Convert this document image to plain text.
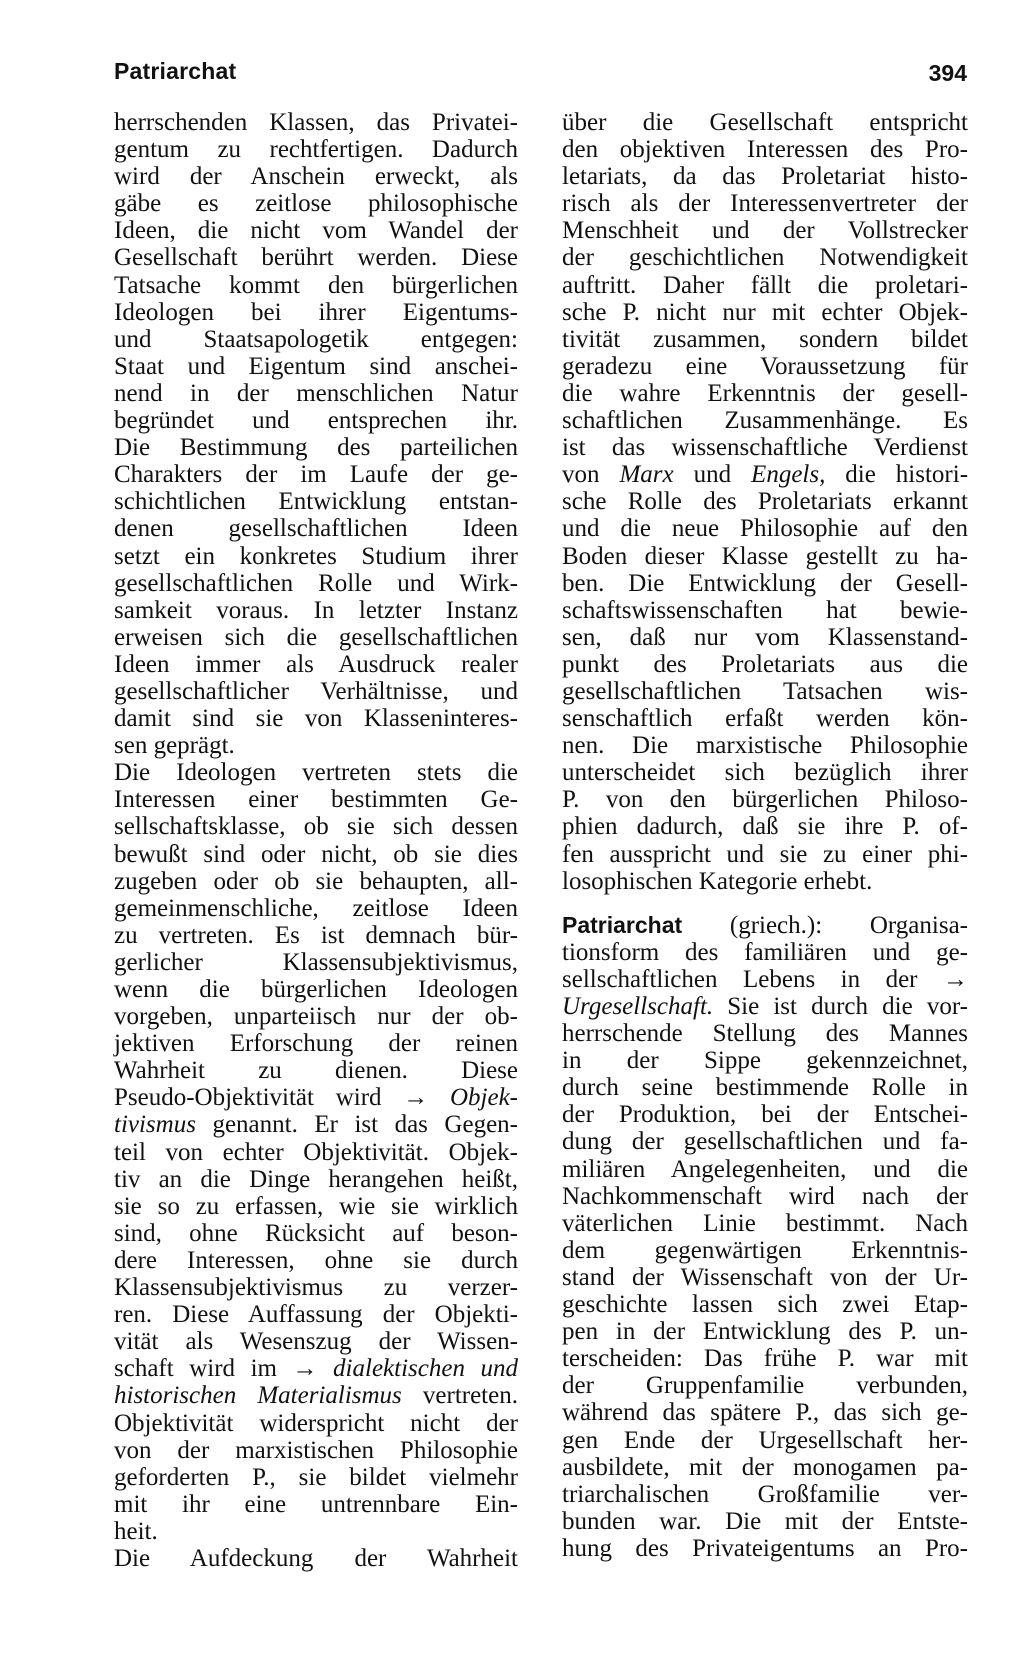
Patriarchat	394
herrschenden Klassen, das Privatei-
gentum zu rechtfertigen. Dadurch
wird der Anschein erweckt, als
gäbe es zeitlose philosophische
Ideen, die nicht vom Wandel der
Gesellschaft berührt werden. Diese
Tatsache kommt den bürgerlichen
Ideologen bei ihrer Eigentums-
und Staatsapologetik entgegen:
Staat und Eigentum sind anschei-
nend in der menschlichen Natur
begründet und entsprechen ihr.
Die Bestimmung des parteilichen
Charakters der im Laufe der ge-
schichtlichen Entwicklung entstan-
denen gesellschaftlichen Ideen
setzt ein konkretes Studium ihrer
gesellschaftlichen Rolle und Wirk-
samkeit voraus. In letzter Instanz
erweisen sich die gesellschaftlichen
Ideen immer als Ausdruck realer
gesellschaftlicher Verhältnisse, und
damit sind sie von Klasseninteres-
sen geprägt.
Die Ideologen vertreten stets die
Interessen einer bestimmten Ge-
sellschaftsklasse, ob sie sich dessen
bewußt sind oder nicht, ob sie dies
zugeben oder ob sie behaupten, all-
gemeinmenschliche, zeitlose Ideen
zu vertreten. Es ist demnach bür-
gerlicher Klassensubjektivismus,
wenn die bürgerlichen Ideologen
vorgeben, unparteiisch nur der ob-
jektiven Erforschung der reinen
Wahrheit zu dienen. Diese
Pseudo-Objektivität wird → Objek-
tivismus genannt. Er ist das Gegen-
teil von echter Objektivität. Objek-
tiv an die Dinge herangehen heißt,
sie so zu erfassen, wie sie wirklich
sind, ohne Rücksicht auf beson-
dere Interessen, ohne sie durch
Klassensubjektivismus zu verzer-
ren. Diese Auffassung der Objekti-
vität als Wesenszug der Wissen-
schaft wird im → dialektischen und
historischen Materialismus vertreten.
Objektivität widerspricht nicht der
von der marxistischen Philosophie
geforderten P., sie bildet vielmehr
mit ihr eine untrennbare Ein-
heit.
Die Aufdeckung der Wahrheit
über die Gesellschaft entspricht
den objektiven Interessen des Pro-
letariats, da das Proletariat histo-
risch als der Interessenvertreter der
Menschheit und der Vollstrecker
der geschichtlichen Notwendigkeit
auftritt. Daher fällt die proletari-
sche P. nicht nur mit echter Objek-
tivität zusammen, sondern bildet
geradezu eine Voraussetzung für
die wahre Erkenntnis der gesell-
schaftlichen Zusammenhänge. Es
ist das wissenschaftliche Verdienst
von Marx und Engels, die histori-
sche Rolle des Proletariats erkannt
und die neue Philosophie auf den
Boden dieser Klasse gestellt zu ha-
ben. Die Entwicklung der Gesell-
schaftswissenschaften hat bewie-
sen, daß nur vom Klassenstand-
punkt des Proletariats aus die
gesellschaftlichen Tatsachen wis-
senschaftlich erfaßt werden kön-
nen. Die marxistische Philosophie
unterscheidet sich bezüglich ihrer
P. von den bürgerlichen Philoso-
phien dadurch, daß sie ihre P. of-
fen ausspricht und sie zu einer phi-
losophischen Kategorie erhebt.
Patriarchat (griech.): Organisa-
tionsform des familiären und ge-
sellschaftlichen Lebens in der →
Urgesellschaft. Sie ist durch die vor-
herrschende Stellung des Mannes
in der Sippe gekennzeichnet,
durch seine bestimmende Rolle in
der Produktion, bei der Entschei-
dung der gesellschaftlichen und fa-
miliären Angelegenheiten, und die
Nachkommenschaft wird nach der
väterlichen Linie bestimmt. Nach
dem gegenwärtigen Erkenntnis-
stand der Wissenschaft von der Ur-
geschichte lassen sich zwei Etap-
pen in der Entwicklung des P. un-
terscheiden: Das frühe P. war mit
der Gruppenfamilie verbunden,
während das spätere P., das sich ge-
gen Ende der Urgesellschaft her-
ausbildete, mit der monogamen pa-
triarchalischen Großfamilie ver-
bunden war. Die mit der Entste-
hung des Privateigentums an Pro-
